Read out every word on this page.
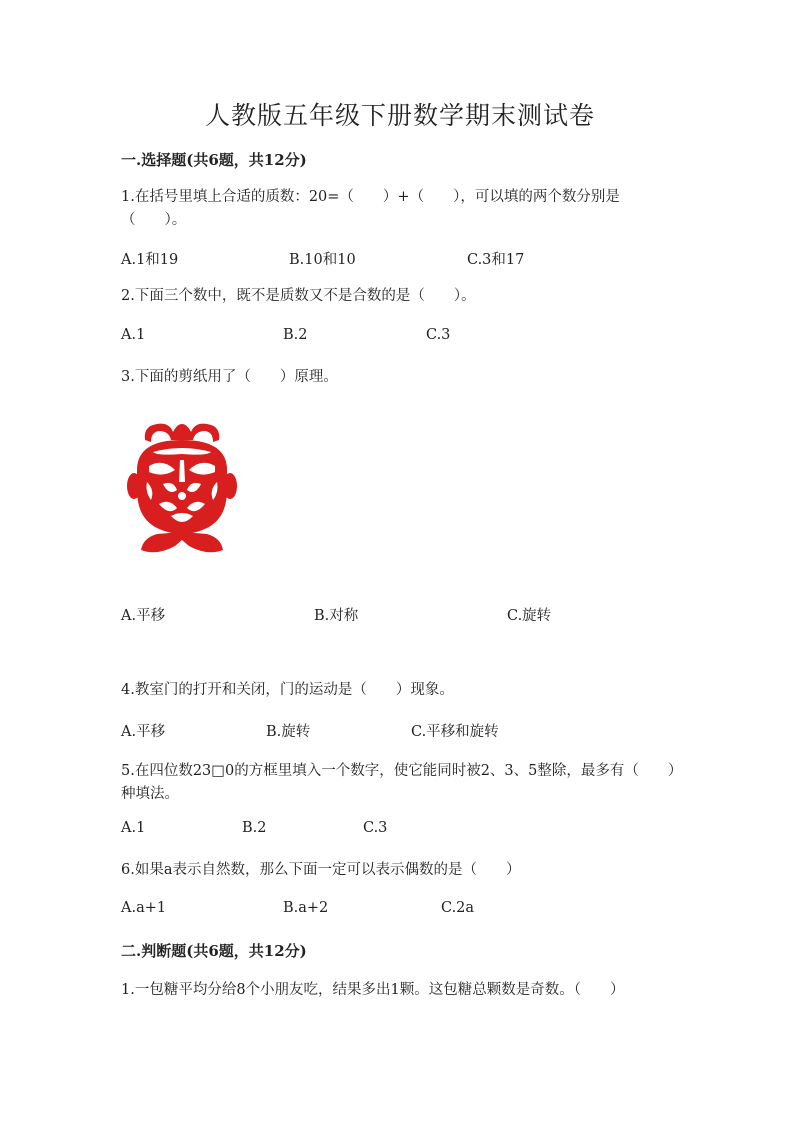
人教版五年级下册数学期末测试卷
一.选择题(共6题，共12分)

1.在括号里填上合适的质数：20=（　　）+（　　），可以填的两个数分别是（　　）。

A.1和19	B.10和10	C.3和17

2.下面三个数中，既不是质数又不是合数的是（　　）。

A.1	B.2	C.3

3.下面的剪纸用了（　　）原理。

A.平移	B.对称	C.旋转

4.教室门的打开和关闭，门的运动是（　　）现象。

A.平移	B.旋转	C.平移和旋转

5.在四位数23□0的方框里填入一个数字，使它能同时被2、3、5整除，最多有（　　）种填法。

A.1	B.2	C.3

6.如果a表示自然数，那么下面一定可以表示偶数的是（　　）

A.a+1	B.a+2	C.2a
二.判断题(共6题，共12分)

1.一包糖平均分给8个小朋友吃，结果多出1颗。这包糖总颗数是奇数。（　　）
